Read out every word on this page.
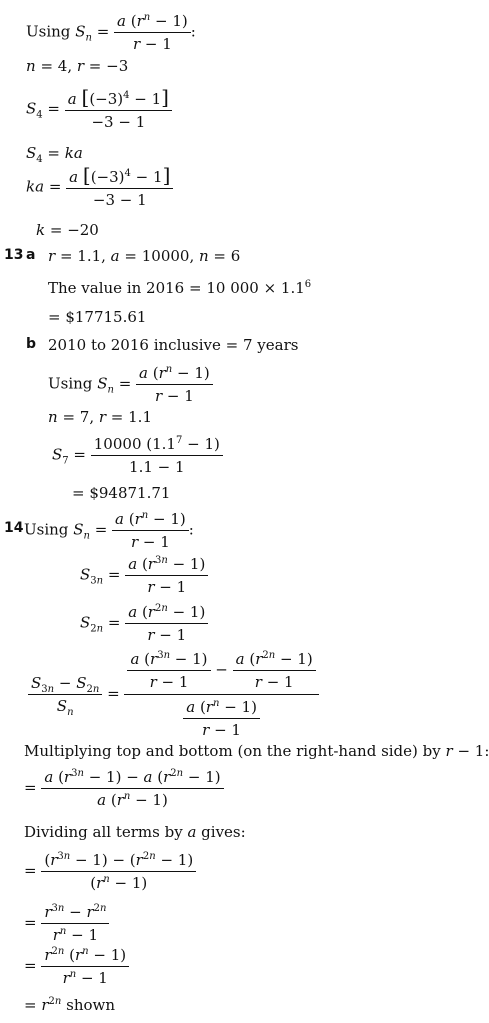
Using $S_n = \frac{a (r^n - 1)}{r - 1}$ :
n = 4, r = −3
$S_4 = \frac{a [(-3)^4 - 1]}{-3 - 1}$
$S_4$ = ka
ka = $\frac{a [(-3)^4 - 1]}{-3 - 1}$
k = −20
13 a r = 1.1, a = 10000, n = 6
The value in 2016 = 10 $000 \times 1.1^6$
= $17715.61
b 2010 to 2016 inclusive = 7 years
Using $S_n = \frac{a (r^n - 1)}{r - 1}$
n = 7, r = 1.1
$S_7 = \frac{10000 (1.1^7 - 1)}{1.1 - 1}$
= $94871.71
14 Using $S_n = \frac{a (r^n - 1)}{r - 1}$ :
$S_{3n} = \frac{a (r^{3n} - 1)}{r - 1}$
$S_{2n} = \frac{a (r^{2n} - 1)}{r - 1}$
$\frac{S_{3n} - S_{2n}}{S_n} = \frac{\frac{a (r^{3n} - 1)}{r - 1} - \frac{a (r^{2n} - 1)}{r - 1}}{\frac{a (r^n - 1)}{r - 1}}$
Multiplying top and bottom (on the right-hand side) by r − 1:
= $\frac{a (r^{3n} - 1) - a (r^{2n} - 1)}{a (r^n - 1)}$
Dividing all terms by a gives:
= $\frac{(r^{3n} - 1) - (r^{2n} - 1)}{(r^n - 1)}$
= $\frac{r^{3n} - r^{2n}}{r^n - 1}$
= $\frac{r^{2n} (r^n - 1)}{r^n - 1}$
= $r^{2n}$ shown
